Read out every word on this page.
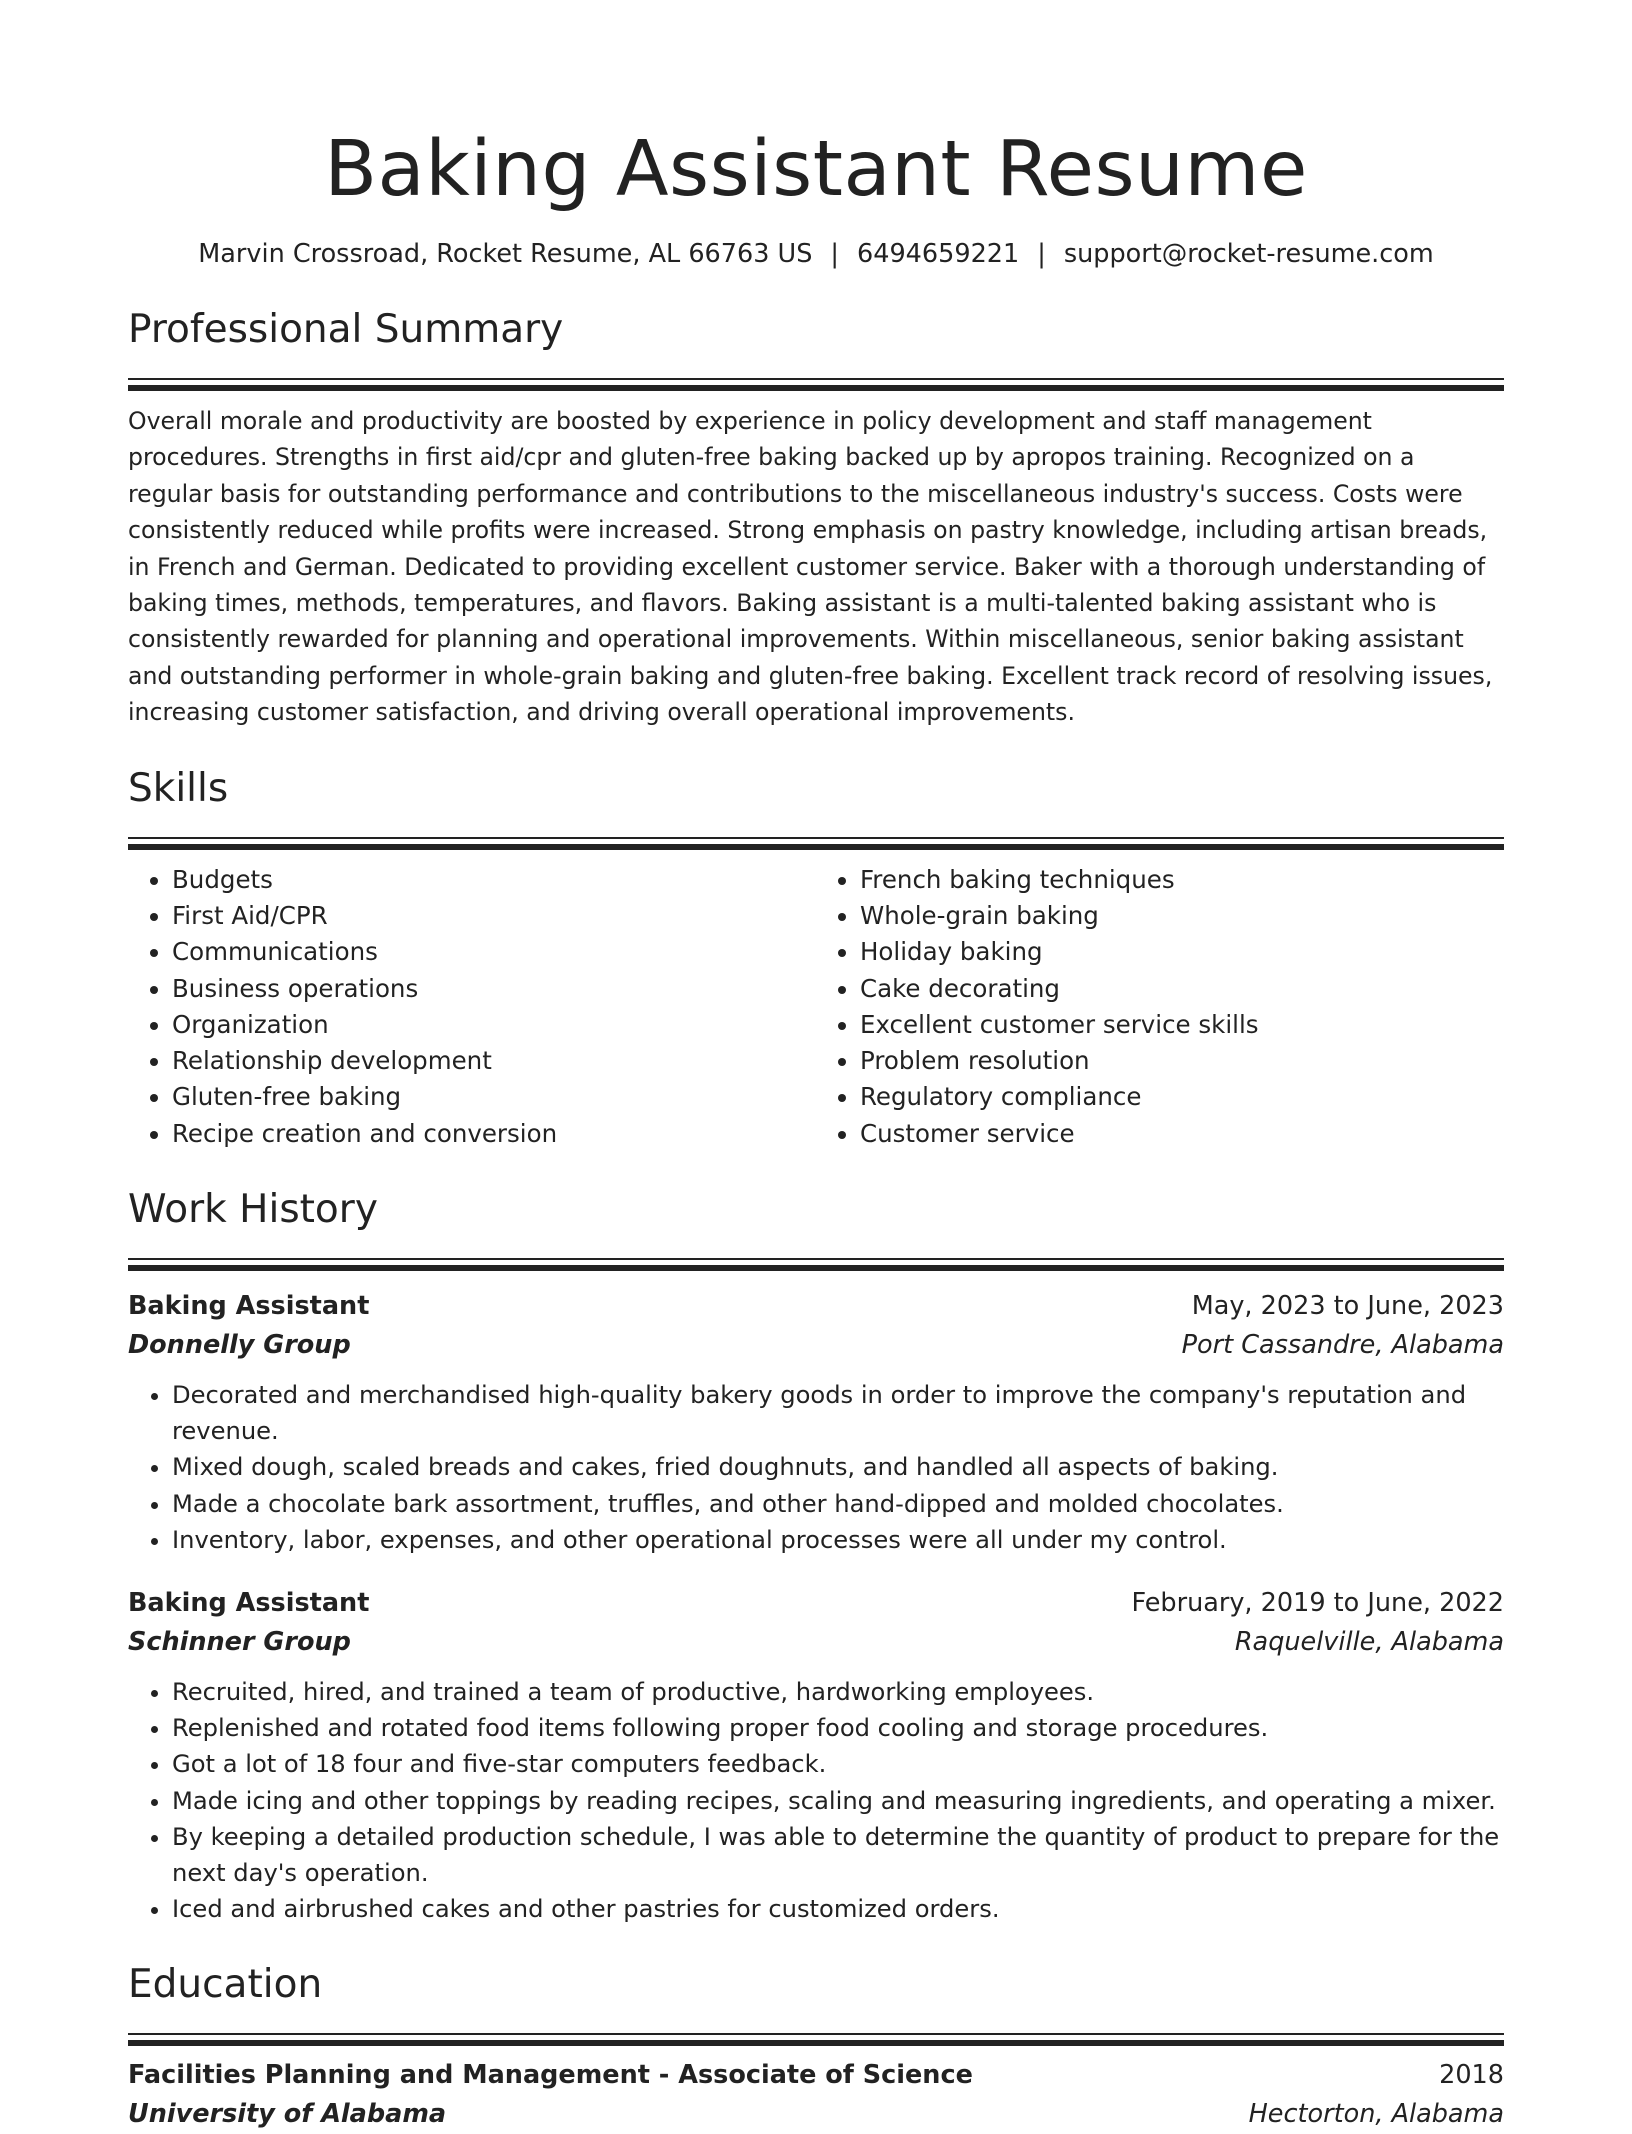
Baking Assistant Resume
Marvin Crossroad, Rocket Resume, AL 66763 US | 6494659221 | support@rocket-resume.com
Professional Summary
Overall morale and productivity are boosted by experience in policy development and staff management procedures. Strengths in first aid/cpr and gluten-free baking backed up by apropos training. Recognized on a regular basis for outstanding performance and contributions to the miscellaneous industry's success. Costs were consistently reduced while profits were increased. Strong emphasis on pastry knowledge, including artisan breads, in French and German. Dedicated to providing excellent customer service. Baker with a thorough understanding of baking times, methods, temperatures, and flavors. Baking assistant is a multi-talented baking assistant who is consistently rewarded for planning and operational improvements. Within miscellaneous, senior baking assistant and outstanding performer in whole-grain baking and gluten-free baking. Excellent track record of resolving issues, increasing customer satisfaction, and driving overall operational improvements.
Skills
• Budgets
• First Aid/CPR
• Communications
• Business operations
• Organization
• Relationship development
• Gluten-free baking
• Recipe creation and conversion
• French baking techniques
• Whole-grain baking
• Holiday baking
• Cake decorating
• Excellent customer service skills
• Problem resolution
• Regulatory compliance
• Customer service
Work History
Baking Assistant	May, 2023 to June, 2023
Donnelly Group	Port Cassandre, Alabama
• Decorated and merchandised high-quality bakery goods in order to improve the company's reputation and revenue.
• Mixed dough, scaled breads and cakes, fried doughnuts, and handled all aspects of baking.
• Made a chocolate bark assortment, truffles, and other hand-dipped and molded chocolates.
• Inventory, labor, expenses, and other operational processes were all under my control.
Baking Assistant	February, 2019 to June, 2022
Schinner Group	Raquelville, Alabama
• Recruited, hired, and trained a team of productive, hardworking employees.
• Replenished and rotated food items following proper food cooling and storage procedures.
• Got a lot of 18 four and five-star computers feedback.
• Made icing and other toppings by reading recipes, scaling and measuring ingredients, and operating a mixer.
• By keeping a detailed production schedule, I was able to determine the quantity of product to prepare for the next day's operation.
• Iced and airbrushed cakes and other pastries for customized orders.
Education
Facilities Planning and Management - Associate of Science	2018
University of Alabama	Hectorton, Alabama
